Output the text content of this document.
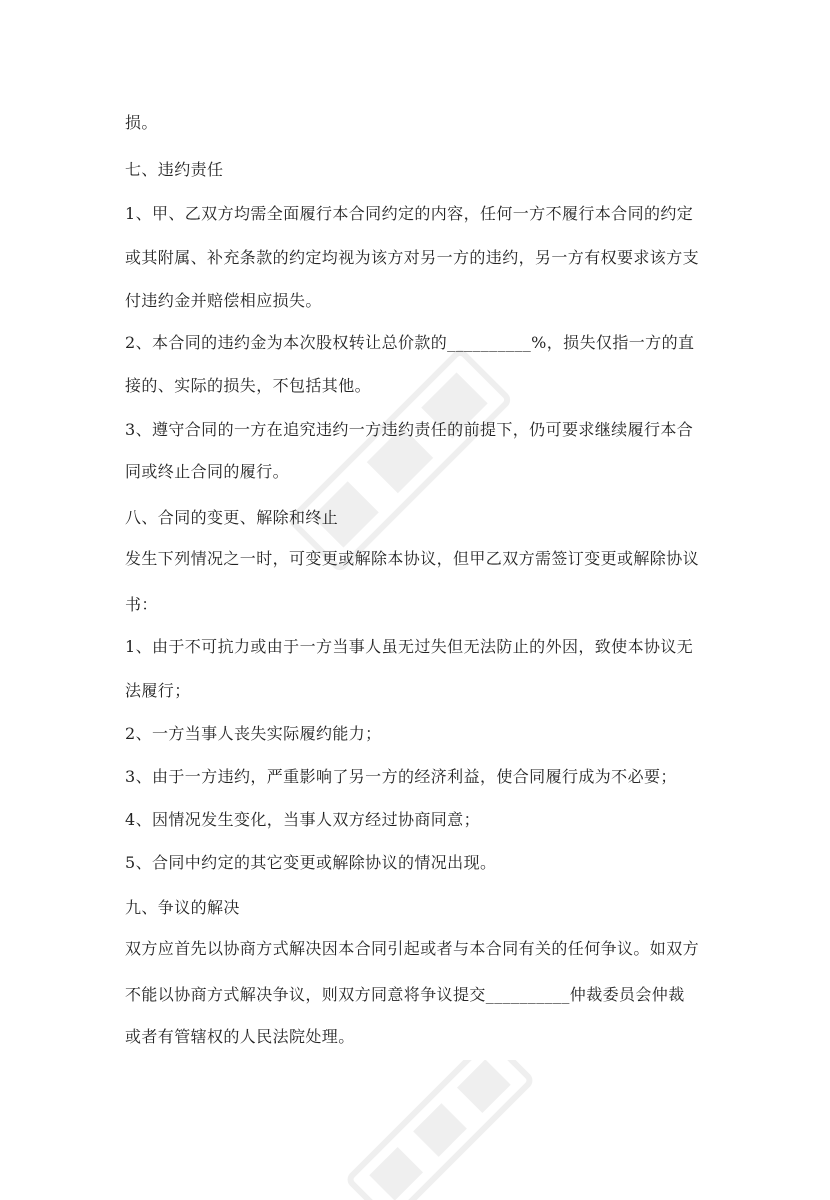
损。
七、违约责任
1、甲、乙双方均需全面履行本合同约定的内容，任何一方不履行本合同的约定
或其附属、补充条款的约定均视为该方对另一方的违约，另一方有权要求该方支
付违约金并赔偿相应损失。
2、本合同的违约金为本次股权转让总价款的__________%，损失仅指一方的直
接的、实际的损失，不包括其他。
3、遵守合同的一方在追究违约一方违约责任的前提下，仍可要求继续履行本合
同或终止合同的履行。
八、合同的变更、解除和终止
发生下列情况之一时，可变更或解除本协议，但甲乙双方需签订变更或解除协议
书：
1、由于不可抗力或由于一方当事人虽无过失但无法防止的外因，致使本协议无
法履行；
2、一方当事人丧失实际履约能力；
3、由于一方违约，严重影响了另一方的经济利益，使合同履行成为不必要；
4、因情况发生变化，当事人双方经过协商同意；
5、合同中约定的其它变更或解除协议的情况出现。
九、争议的解决
双方应首先以协商方式解决因本合同引起或者与本合同有关的任何争议。如双方
不能以协商方式解决争议，则双方同意将争议提交__________仲裁委员会仲裁
或者有管辖权的人民法院处理。
